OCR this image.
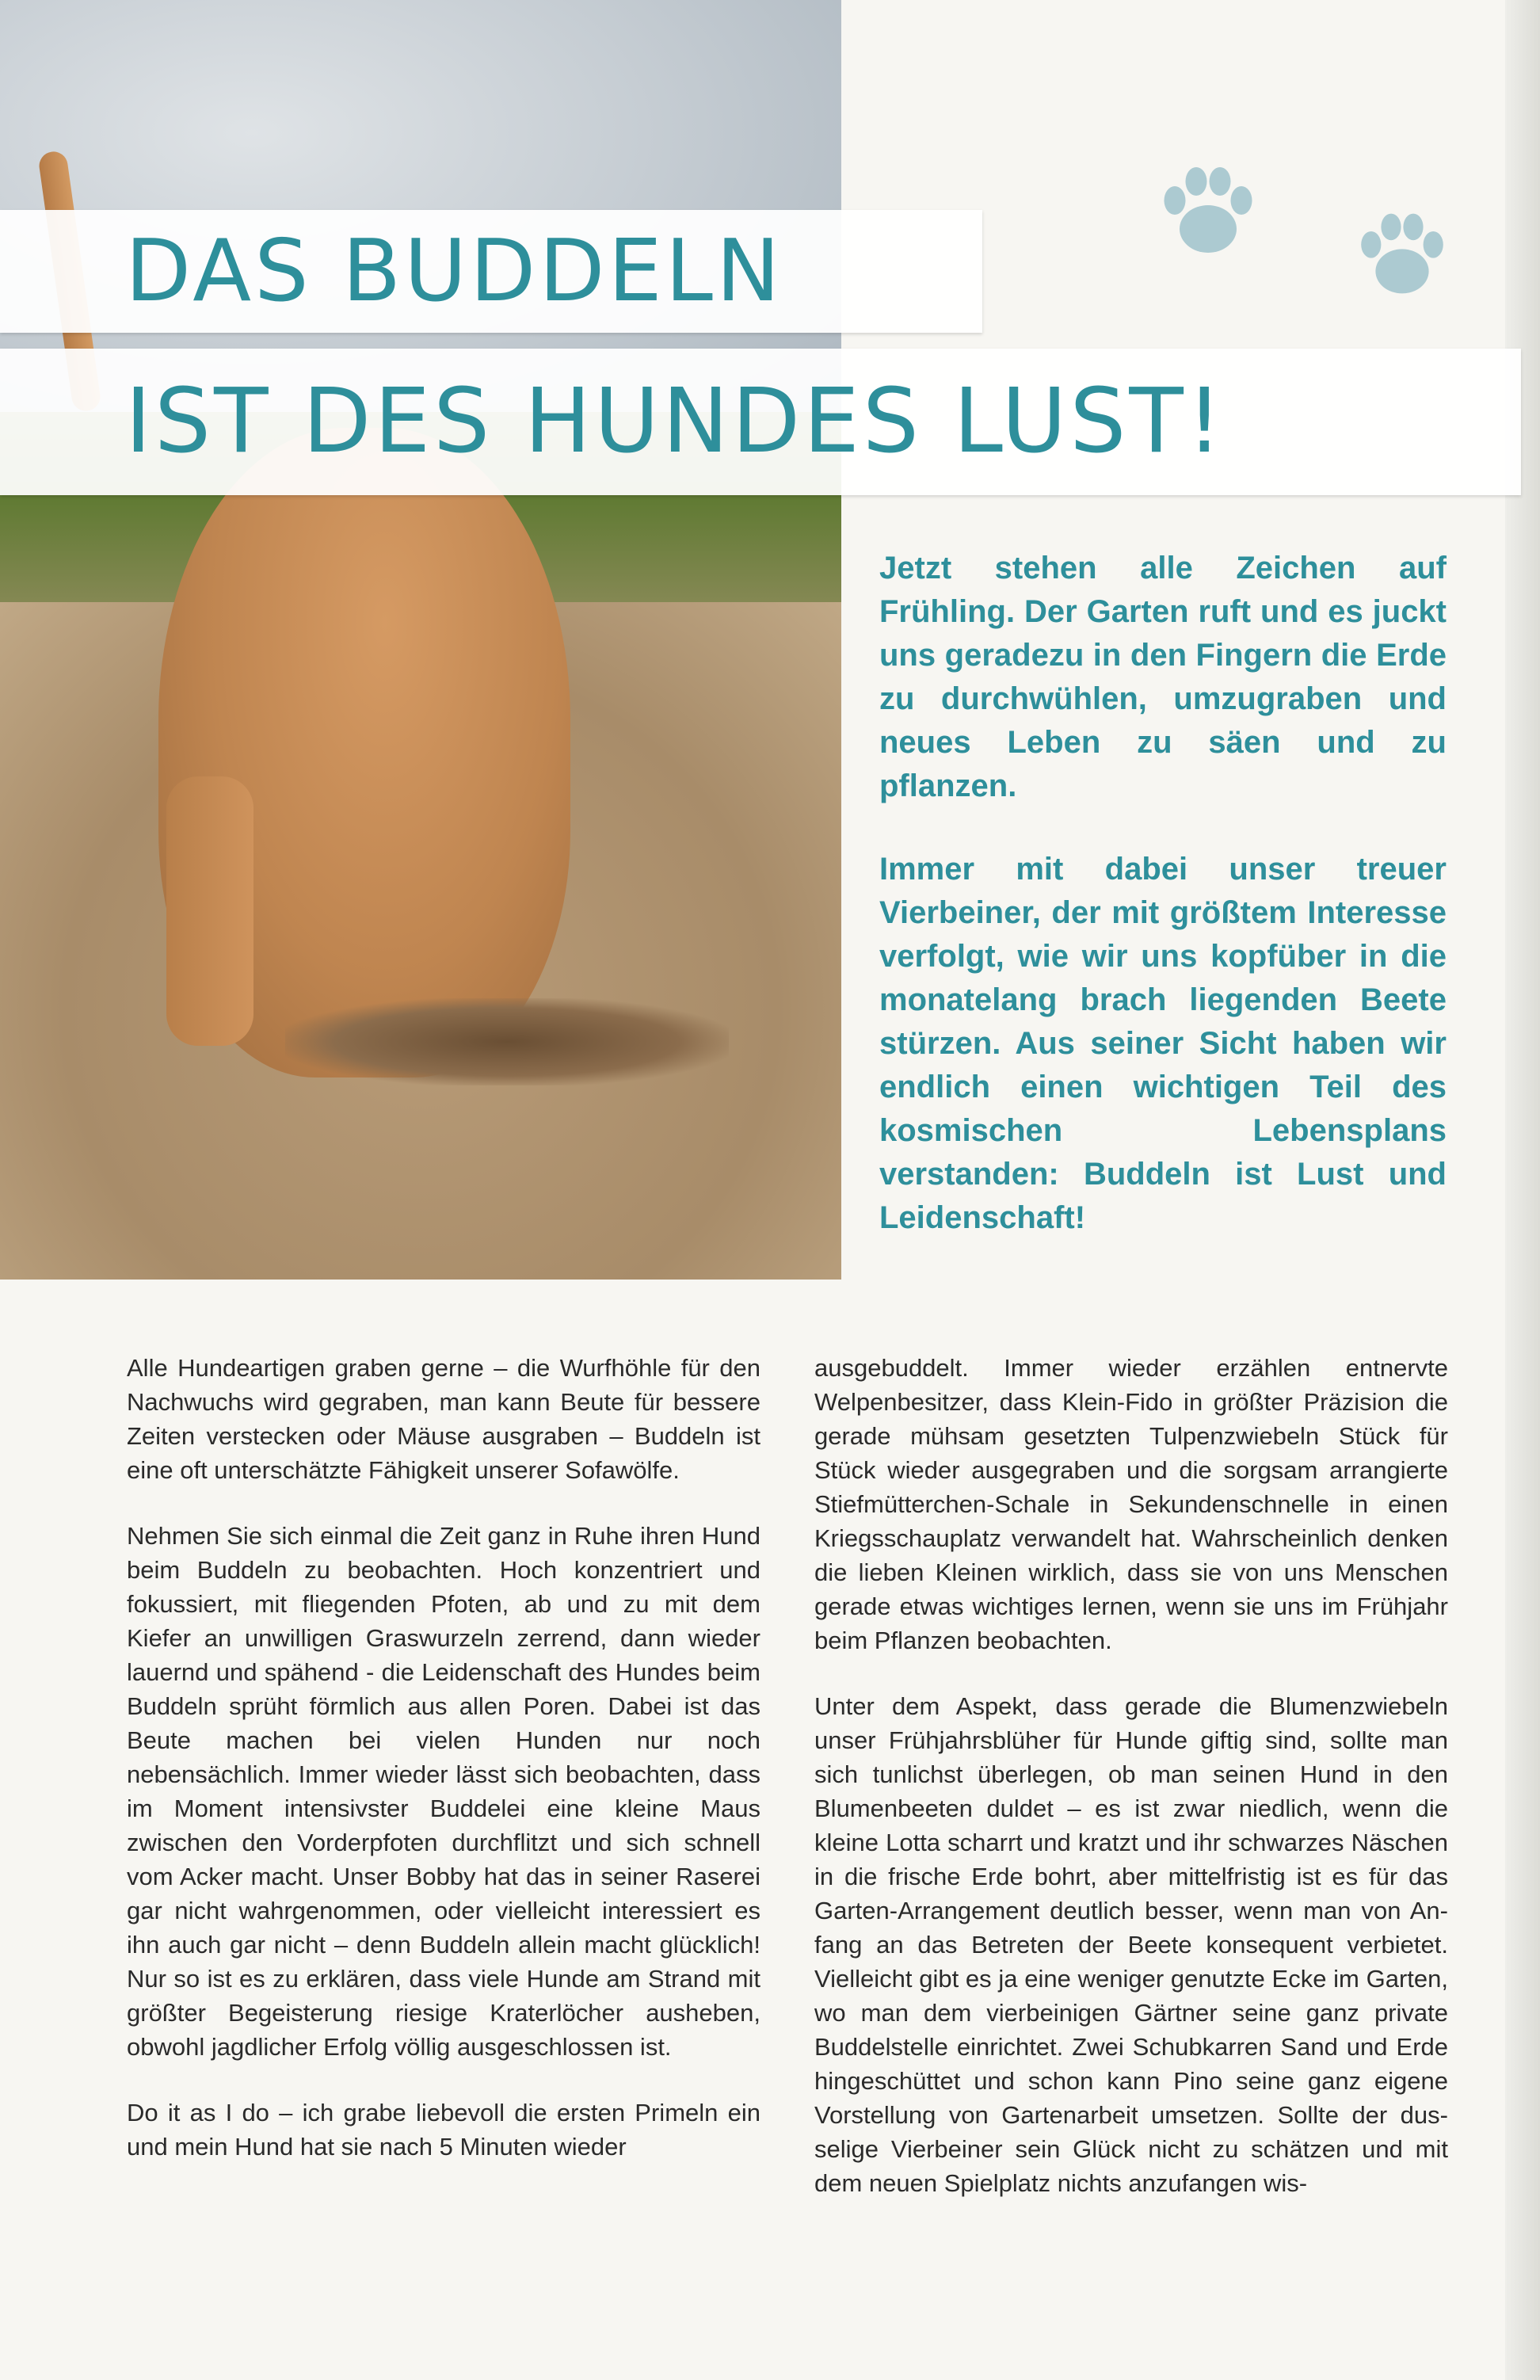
DAS BUDDELN
IST DES HUNDES LUST!

Jetzt stehen alle Zeichen auf Frühling. Der Garten ruft und es juckt uns geradezu in den Fingern die Erde zu durchwühlen, umzugraben und neues Leben zu säen und zu pflanzen.

Immer mit dabei unser treuer Vierbeiner, der mit größtem Interesse verfolgt, wie wir uns kopfüber in die monatelang brach liegenden Beete stürzen. Aus seiner Sicht haben wir endlich einen wichtigen Teil des kosmischen Lebensplans verstanden: Buddeln ist Lust und Leidenschaft!

Alle Hundeartigen graben gerne – die Wurfhöhle für den Nachwuchs wird gegraben, man kann Beute für bessere Zeiten verstecken oder Mäuse ausgraben – Buddeln ist eine oft unterschätzte Fähigkeit unserer Sofawölfe.

Nehmen Sie sich einmal die Zeit ganz in Ruhe ihren Hund beim Buddeln zu beobachten. Hoch konzentriert und fokussiert, mit fliegenden Pfoten, ab und zu mit dem Kiefer an unwilligen Graswurzeln zerrend, dann wieder lauernd und spähend - die Leidenschaft des Hundes beim Buddeln sprüht förmlich aus allen Poren. Dabei ist das Beute machen bei vielen Hunden nur noch nebensächlich. Immer wieder lässt sich beobachten, dass im Moment intensivster Buddelei eine kleine Maus zwischen den Vorderpfoten durchflitzt und sich schnell vom Acker macht. Unser Bobby hat das in seiner Raserei gar nicht wahrgenommen, oder vielleicht interessiert es ihn auch gar nicht – denn Buddeln allein macht glücklich! Nur so ist es zu erklären, dass viele Hunde am Strand mit größter Begeisterung riesige Kraterlöcher ausheben, obwohl jagdlicher Erfolg völlig ausgeschlossen ist.

Do it as I do – ich grabe liebevoll die ersten Primeln ein und mein Hund hat sie nach 5 Minuten wieder

ausgebuddelt. Immer wieder erzählen entnervte Welpenbesitzer, dass Klein-Fido in größter Präzision die gerade mühsam gesetzten Tulpenzwiebeln Stück für Stück wieder ausgegraben und die sorgsam arrangierte Stiefmütterchen-Schale in Sekundenschnelle in einen Kriegsschauplatz verwandelt hat. Wahrscheinlich denken die lieben Kleinen wirklich, dass sie von uns Menschen gerade etwas wichtiges lernen, wenn sie uns im Frühjahr beim Pflanzen beobachten.

Unter dem Aspekt, dass gerade die Blumenzwiebeln unser Frühjahrsblüher für Hunde giftig sind, sollte man sich tunlichst überlegen, ob man seinen Hund in den Blumenbeeten duldet – es ist zwar niedlich, wenn die kleine Lotta scharrt und kratzt und ihr schwarzes Näschen in die frische Erde bohrt, aber mittelfristig ist es für das Garten-Arrangement deutlich besser, wenn man von Anfang an das Betreten der Beete konsequent verbietet. Vielleicht gibt es ja eine weniger genutzte Ecke im Garten, wo man dem vierbeinigen Gärtner seine ganz private Buddelstelle einrichtet. Zwei Schubkarren Sand und Erde hingeschüttet und schon kann Pino seine ganz eigene Vorstellung von Gartenarbeit umsetzen. Sollte der dusselige Vierbeiner sein Glück nicht zu schätzen und mit dem neuen Spielplatz nichts anzufangen wis-
